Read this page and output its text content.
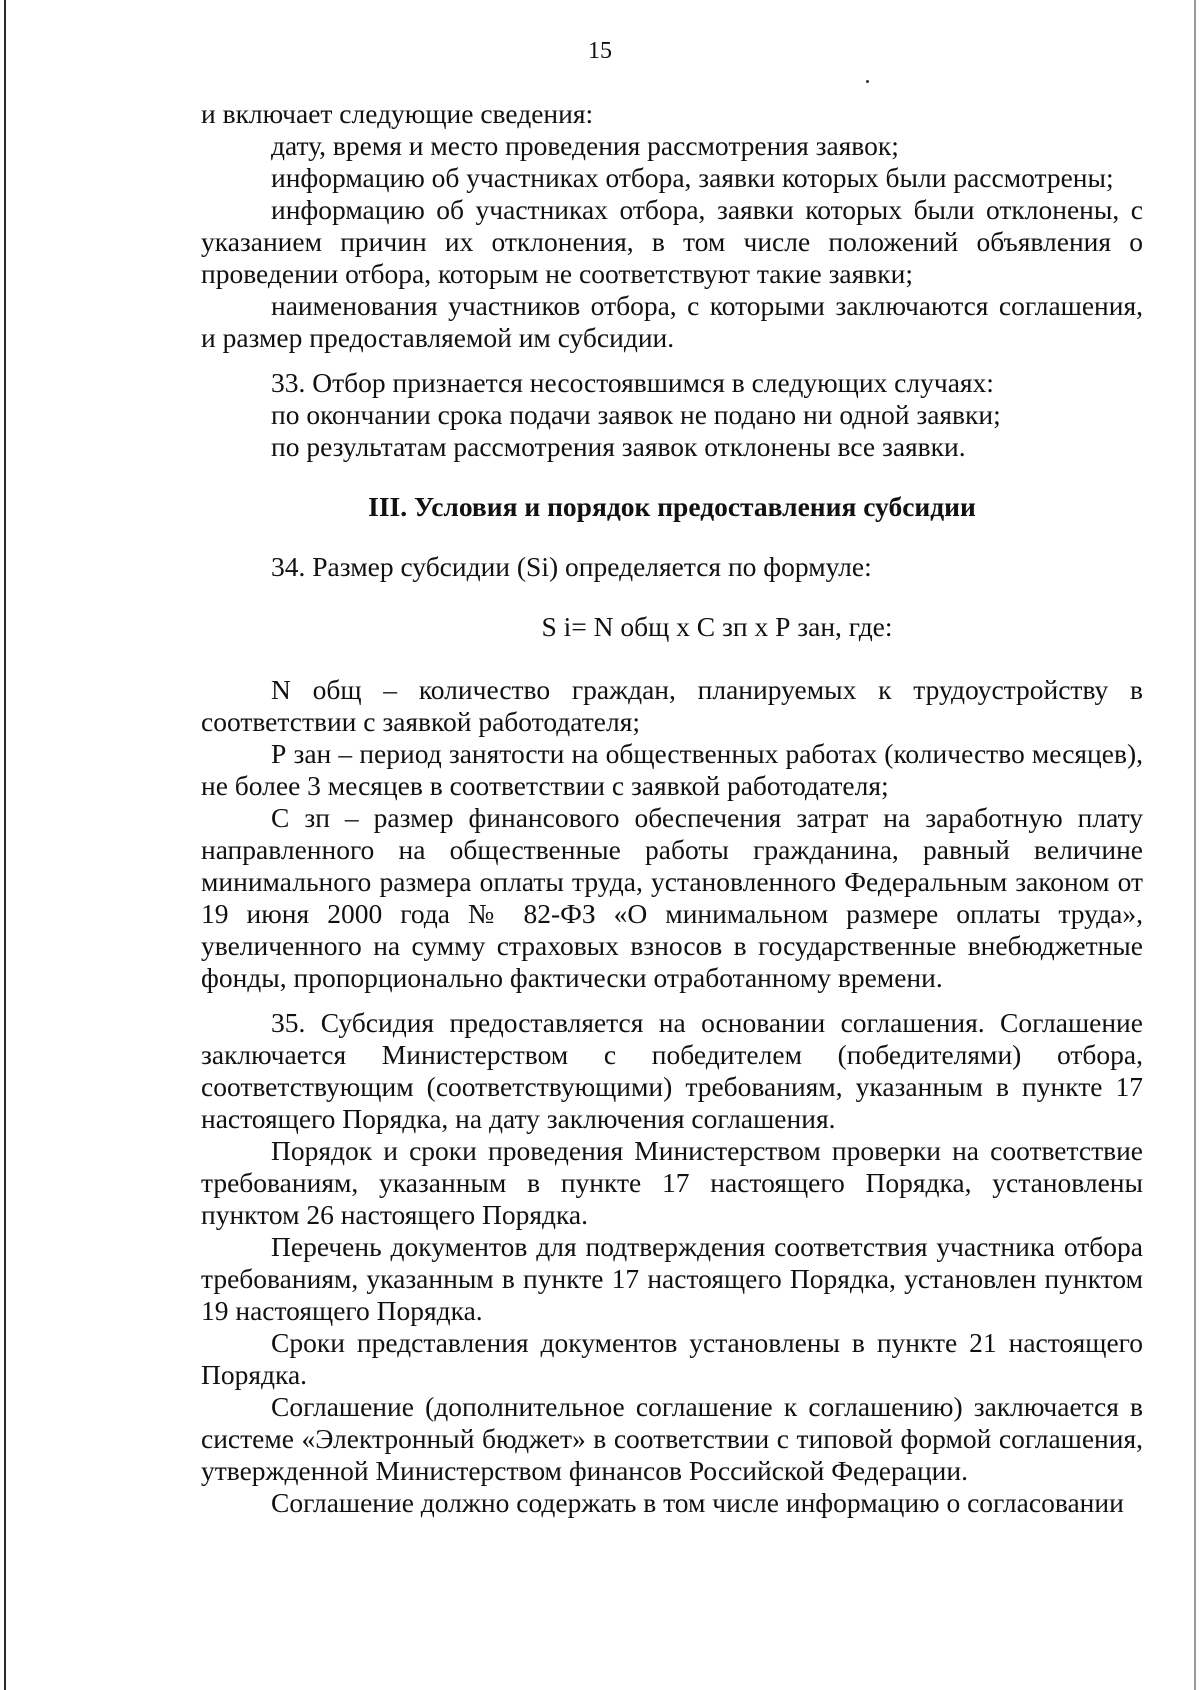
15

и включает следующие сведения:

дату, время и место проведения рассмотрения заявок;

информацию об участниках отбора, заявки которых были рассмотрены;

информацию об участниках отбора, заявки которых были отклонены, с указанием причин их отклонения, в том числе положений объявления о проведении отбора, которым не соответствуют такие заявки;

наименования участников отбора, с которыми заключаются соглашения, и размер предоставляемой им субсидии.

33. Отбор признается несостоявшимся в следующих случаях:

по окончании срока подачи заявок не подано ни одной заявки;

по результатам рассмотрения заявок отклонены все заявки.

III. Условия и порядок предоставления субсидии

34. Размер субсидии (Si) определяется по формуле:

S i= N общ х С зп х Р зан, где:

N общ – количество граждан, планируемых к трудоустройству в соответствии с заявкой работодателя;

Р зан – период занятости на общественных работах (количество месяцев), не более 3 месяцев в соответствии с заявкой работодателя;

С зп – размер финансового обеспечения затрат на заработную плату направленного на общественные работы гражданина, равный величине минимального размера оплаты труда, установленного Федеральным законом от 19 июня 2000 года № 82-ФЗ «О минимальном размере оплаты труда», увеличенного на сумму страховых взносов в государственные внебюджетные фонды, пропорционально фактически отработанному времени.

35. Субсидия предоставляется на основании соглашения. Соглашение заключается Министерством с победителем (победителями) отбора, соответствующим (соответствующими) требованиям, указанным в пункте 17 настоящего Порядка, на дату заключения соглашения.

Порядок и сроки проведения Министерством проверки на соответствие требованиям, указанным в пункте 17 настоящего Порядка, установлены пунктом 26 настоящего Порядка.

Перечень документов для подтверждения соответствия участника отбора требованиям, указанным в пункте 17 настоящего Порядка, установлен пунктом 19 настоящего Порядка.

Сроки представления документов установлены в пункте 21 настоящего Порядка.

Соглашение (дополнительное соглашение к соглашению) заключается в системе «Электронный бюджет» в соответствии с типовой формой соглашения, утвержденной Министерством финансов Российской Федерации.

Соглашение должно содержать в том числе информацию о согласовании
